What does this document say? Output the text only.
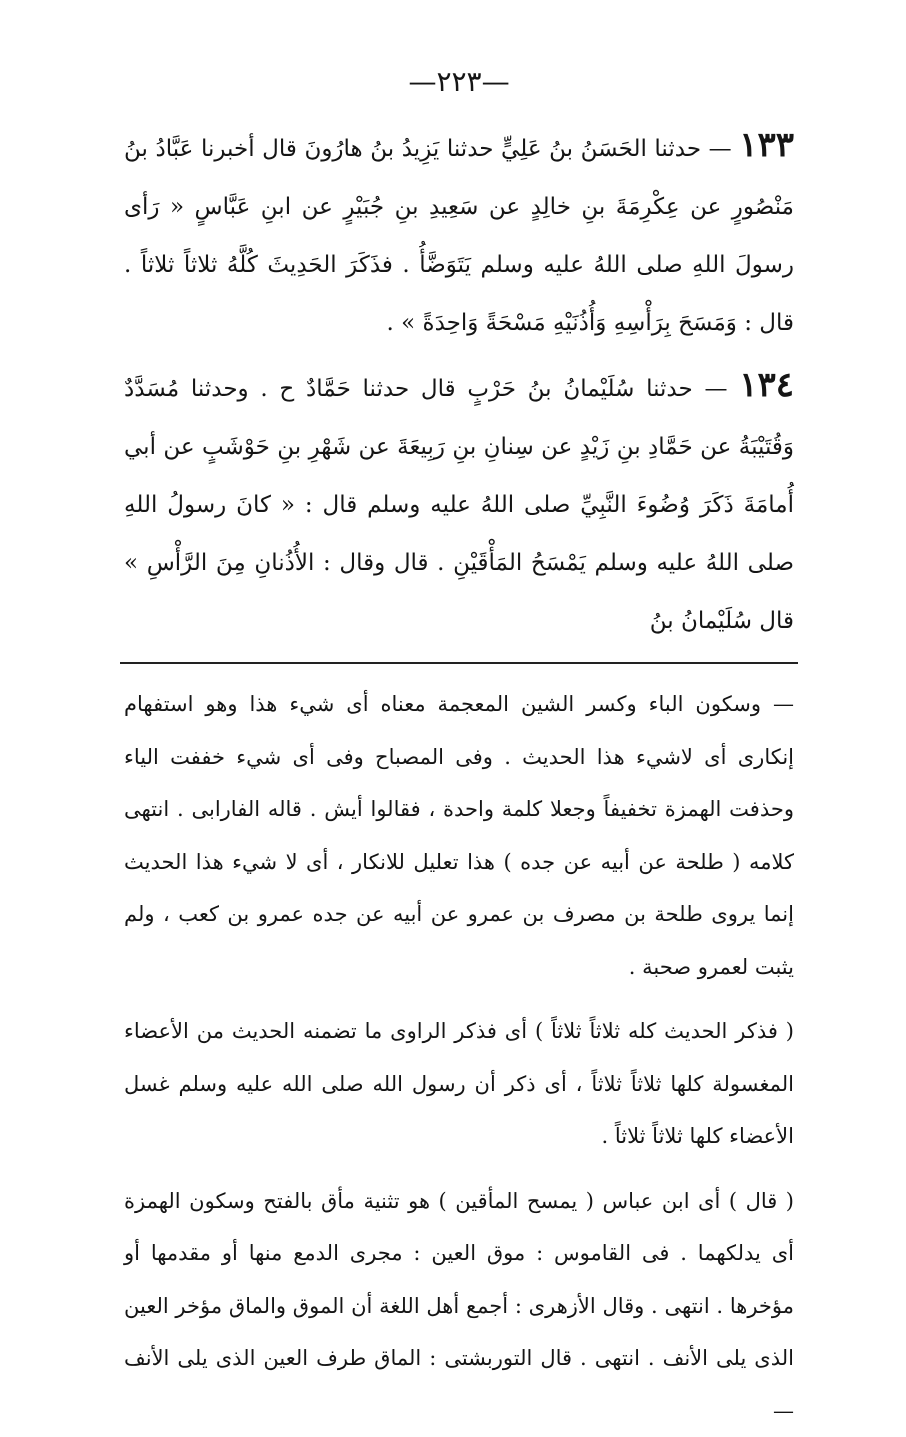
—٢٢٣—

١٣٣ — حدثنا الحَسَنُ بنُ عَلِيٍّ حدثنا يَزِيدُ بنُ هارُونَ قال أخبرنا عَبَّادُ بنُ مَنْصُورٍ عن عِكْرِمَةَ بنِ خالِدٍ عن سَعِيدِ بنِ جُبَيْرٍ عن ابنِ عَبَّاسٍ « رَأى رسولَ اللهِ صلى اللهُ عليه وسلم يَتَوَضَّأُ . فذَكَرَ الحَدِيثَ كُلَّهُ ثلاثاً ثلاثاً . قال : وَمَسَحَ بِرَأْسِهِ وَأُذُنَيْهِ مَسْحَةً وَاحِدَةً » .

١٣٤ — حدثنا سُلَيْمانُ بنُ حَرْبٍ قال حدثنا حَمَّادٌ ح . وحدثنا مُسَدَّدٌ وَقُتَيْبَةُ عن حَمَّادِ بنِ زَيْدٍ عن سِنانِ بنِ رَبِيعَةَ عن شَهْرِ بنِ حَوْشَبٍ عن أبي أُمامَةَ ذَكَرَ وُضُوءَ النَّبِيِّ صلى اللهُ عليه وسلم قال : « كانَ رسولُ اللهِ صلى اللهُ عليه وسلم يَمْسَحُ المَأْقَيْنِ . قال وقال : الأُذُنانِ مِنَ الرَّأْسِ » قال سُلَيْمانُ بنُ

— وسكون الباء وكسر الشين المعجمة معناه أى شيء هذا وهو استفهام إنكارى أى لاشيء هذا الحديث . وفى المصباح وفى أى شيء خففت الياء وحذفت الهمزة تخفيفاً وجعلا كلمة واحدة ، فقالوا أيش . قاله الفارابى . انتهى كلامه ( طلحة عن أبيه عن جده ) هذا تعليل للانكار ، أى لا شيء هذا الحديث إنما يروى طلحة بن مصرف بن عمرو عن أبيه عن جده عمرو بن كعب ، ولم يثبت لعمرو صحبة .

( فذكر الحديث كله ثلاثاً ثلاثاً ) أى فذكر الراوى ما تضمنه الحديث من الأعضاء المغسولة كلها ثلاثاً ثلاثاً ، أى ذكر أن رسول الله صلى الله عليه وسلم غسل الأعضاء كلها ثلاثاً ثلاثاً .

( قال ) أى ابن عباس ( يمسح المأقين ) هو تثنية مأق بالفتح وسكون الهمزة أى يدلكهما . فى القاموس : موق العين : مجرى الدمع منها أو مقدمها أو مؤخرها . انتهى . وقال الأزهرى : أجمع أهل اللغة أن الموق والماق مؤخر العين الذى يلى الأنف . انتهى . قال التوربشتى : الماق طرف العين الذى يلى الأنف —
